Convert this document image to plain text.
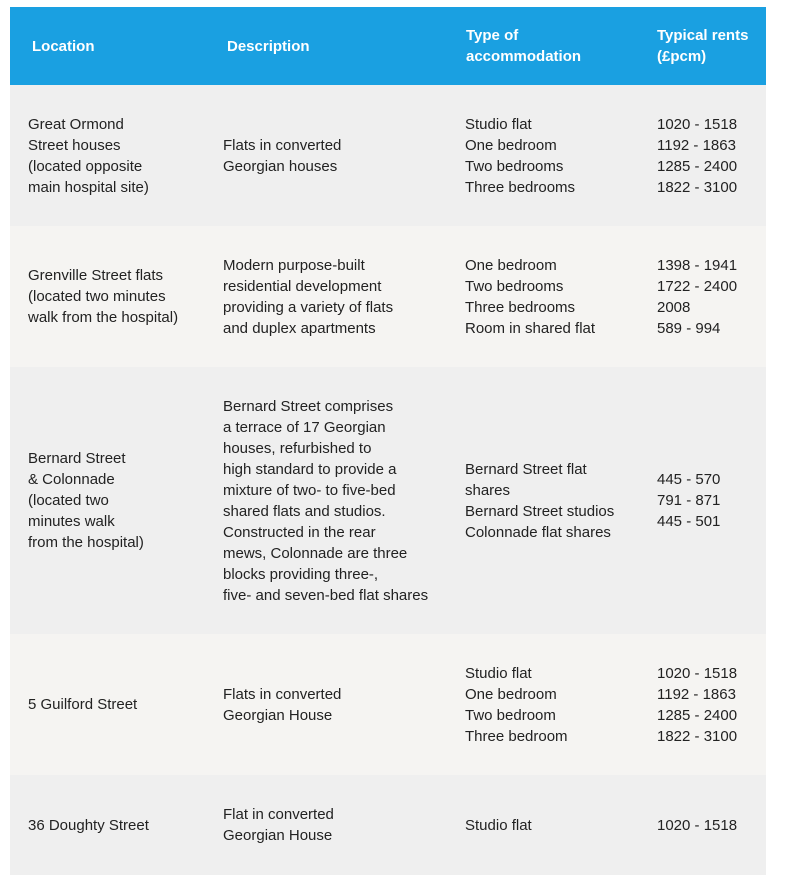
Location	Description
Type of
accommodation
Typical rents
(£pcm)
Great Ormond
Street houses
(located opposite
main hospital site)
Flats in converted
Georgian houses
Studio flat
One bedroom
Two bedrooms
Three bedrooms
1020 - 1518
1192 - 1863
1285 - 2400
1822 - 3100
Grenville Street flats
(located two minutes
walk from the hospital)
Modern purpose-built
residential development
providing a variety of flats
and duplex apartments
One bedroom
Two bedrooms
Three bedrooms
Room in shared flat
1398 - 1941
1722 - 2400
2008
589 - 994
Bernard Street
& Colonnade
(located two
minutes walk
from the hospital)
Bernard Street comprises
a terrace of 17 Georgian
houses, refurbished to
high standard to provide a
mixture of two- to five-bed
shared flats and studios.
Constructed in the rear
mews, Colonnade are three
blocks providing three-,
five- and seven-bed flat shares
Bernard Street flat
shares
Bernard Street studios
Colonnade flat shares
445 - 570
791 - 871
445 - 501
5 Guilford Street
Flats in converted
Georgian House
Studio flat
One bedroom
Two bedroom
Three bedroom
1020 - 1518
1192 - 1863
1285 - 2400
1822 - 3100
36 Doughty Street
Flat in converted
Georgian House
Studio flat	1020 - 1518
